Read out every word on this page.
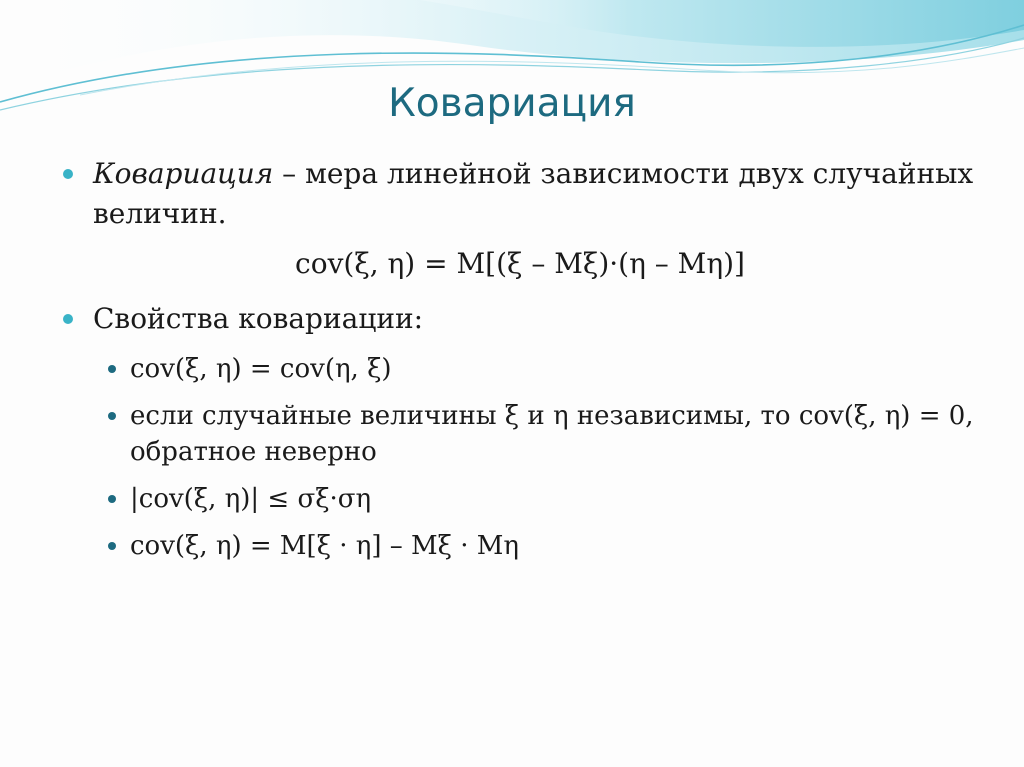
Ковариация
Ковариация – мера линейной зависимости двух случайных величин.
cov(ξ, η) = M[(ξ – Mξ)·(η – Mη)]
Свойства ковариации:
cov(ξ, η) = cov(η, ξ)
если случайные величины ξ и η независимы, то cov(ξ, η) = 0, обратное неверно
|cov(ξ, η)| ≤ σξ·ση
cov(ξ, η) = M[ξ · η] – Mξ · Mη
